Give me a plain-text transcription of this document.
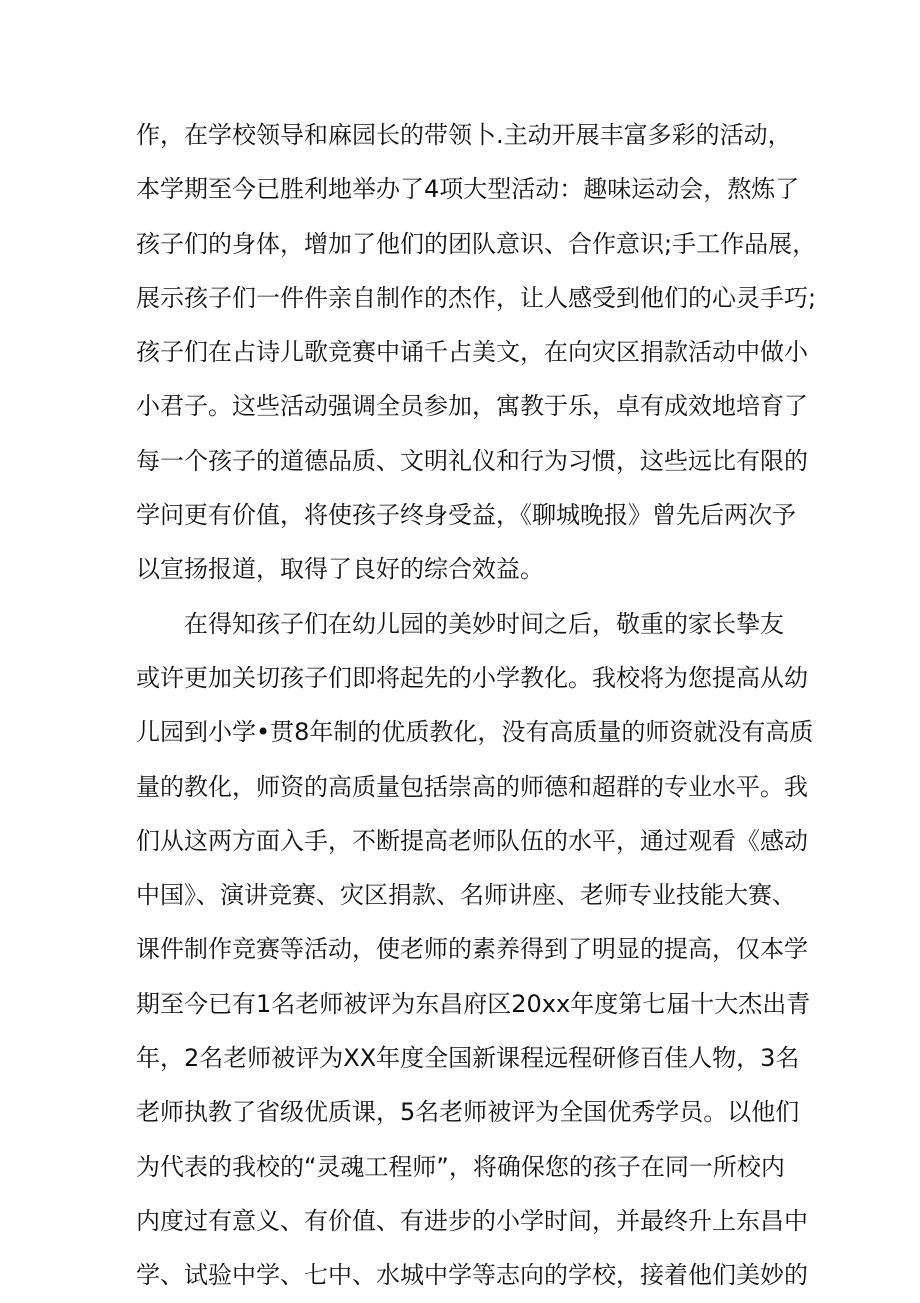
作，在学校领导和麻园长的带领卜.主动开展丰富多彩的活动，
本学期至今已胜利地举办了4项大型活动：趣味运动会，熬炼了
孩子们的身体，增加了他们的团队意识、合作意识;手工作品展，
展示孩子们一件件亲自制作的杰作，让人感受到他们的心灵手巧;
孩子们在占诗儿歌竞赛中诵千占美文，在向灾区捐款活动中做小
小君子。这些活动强调全员参加，寓教于乐，卓有成效地培育了
每一个孩子的道德品质、文明礼仪和行为习惯，这些远比有限的
学问更有价值，将使孩子终身受益，《聊城晚报》曾先后两次予
以宣扬报道，取得了良好的综合效益。
在得知孩子们在幼儿园的美妙时间之后，敬重的家长挚友
或许更加关切孩子们即将起先的小学教化。我校将为您提高从幼
儿园到小学•贯8年制的优质教化，没有高质量的师资就没有高质
量的教化，师资的高质量包括崇高的师德和超群的专业水平。我
们从这两方面入手，不断提高老师队伍的水平，通过观看《感动
中国》、演讲竞赛、灾区捐款、名师讲座、老师专业技能大赛、
课件制作竞赛等活动，使老师的素养得到了明显的提高，仅本学
期至今已有1名老师被评为东昌府区20xx年度第七届十大杰出青
年，2名老师被评为XX年度全国新课程远程研修百佳人物，3名
老师执教了省级优质课，5名老师被评为全国优秀学员。以他们
为代表的我校的“灵魂工程师”，将确保您的孩子在同一所校内
内度过有意义、有价值、有进步的小学时间，并最终升上东昌中
学、试验中学、七中、水城中学等志向的学校，接着他们美妙的
